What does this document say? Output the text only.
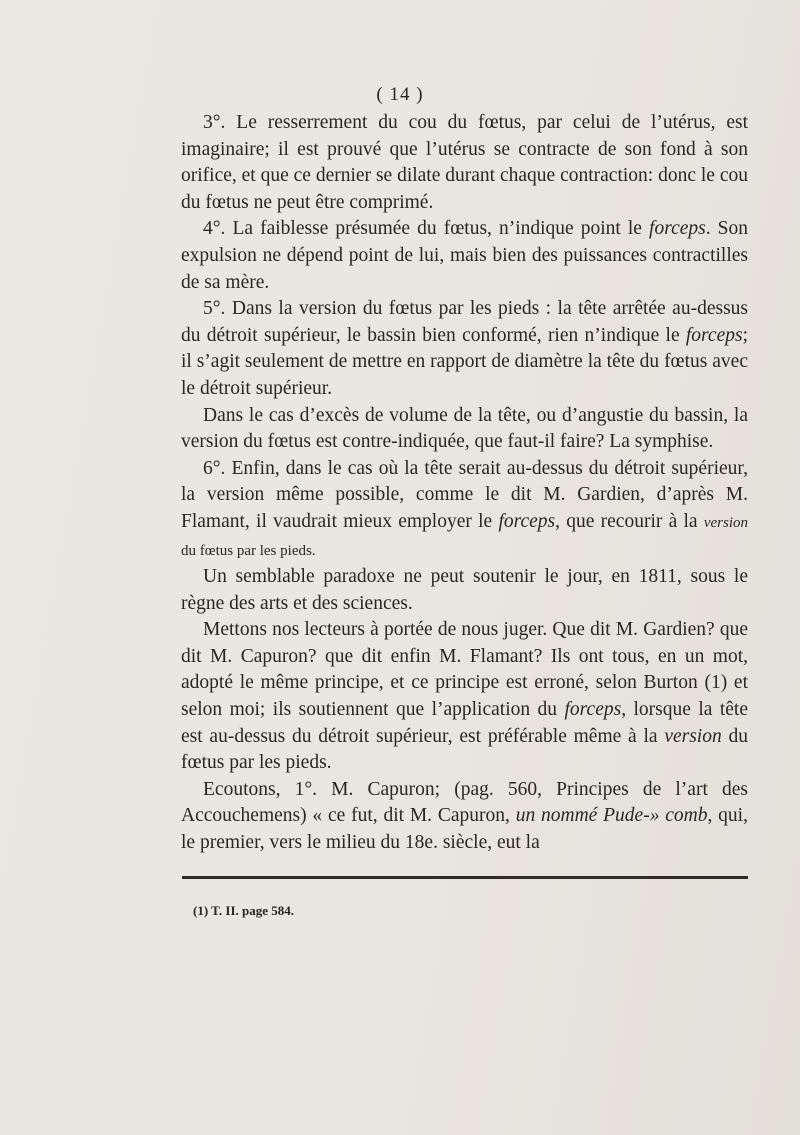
( 14 )

3°. Le resserrement du cou du fœtus, par celui de l’utérus, est imaginaire; il est prouvé que l’utérus se contracte de son fond à son orifice, et que ce dernier se dilate durant chaque contraction: donc le cou du fœtus ne peut être comprimé.

4°. La faiblesse présumée du fœtus, n’indique point le forceps. Son expulsion ne dépend point de lui, mais bien des puissances contractilles de sa mère.

5°. Dans la version du fœtus par les pieds : la tête arrêtée au-dessus du détroit supérieur, le bassin bien conformé, rien n’indique le forceps; il s’agit seulement de mettre en rapport de diamètre la tête du fœtus avec le détroit supérieur.

Dans le cas d’excès de volume de la tête, ou d’angustie du bassin, la version du fœtus est contre-indiquée, que faut-il faire? La symphise.

6°. Enfin, dans le cas où la tête serait au-dessus du détroit supérieur, la version même possible, comme le dit M. Gardien, d’après M. Flamant, il vaudrait mieux employer le forceps, que recourir à la version du fœtus par les pieds.

Un semblable paradoxe ne peut soutenir le jour, en 1811, sous le règne des arts et des sciences.

Mettons nos lecteurs à portée de nous juger. Que dit M. Gardien? que dit M. Capuron? que dit enfin M. Flamant? Ils ont tous, en un mot, adopté le même principe, et ce principe est erroné, selon Burton (1) et selon moi; ils soutiennent que l’application du forceps, lorsque la tête est au-dessus du détroit supérieur, est préférable même à la version du fœtus par les pieds.

Ecoutons, 1°. M. Capuron; (pag. 560, Principes de l’art des Accouchemens) « ce fut, dit M. Capuron, un nommé Pude-» comb, qui, le premier, vers le milieu du 18e. siècle, eut la

(1) T. II. page 584.
